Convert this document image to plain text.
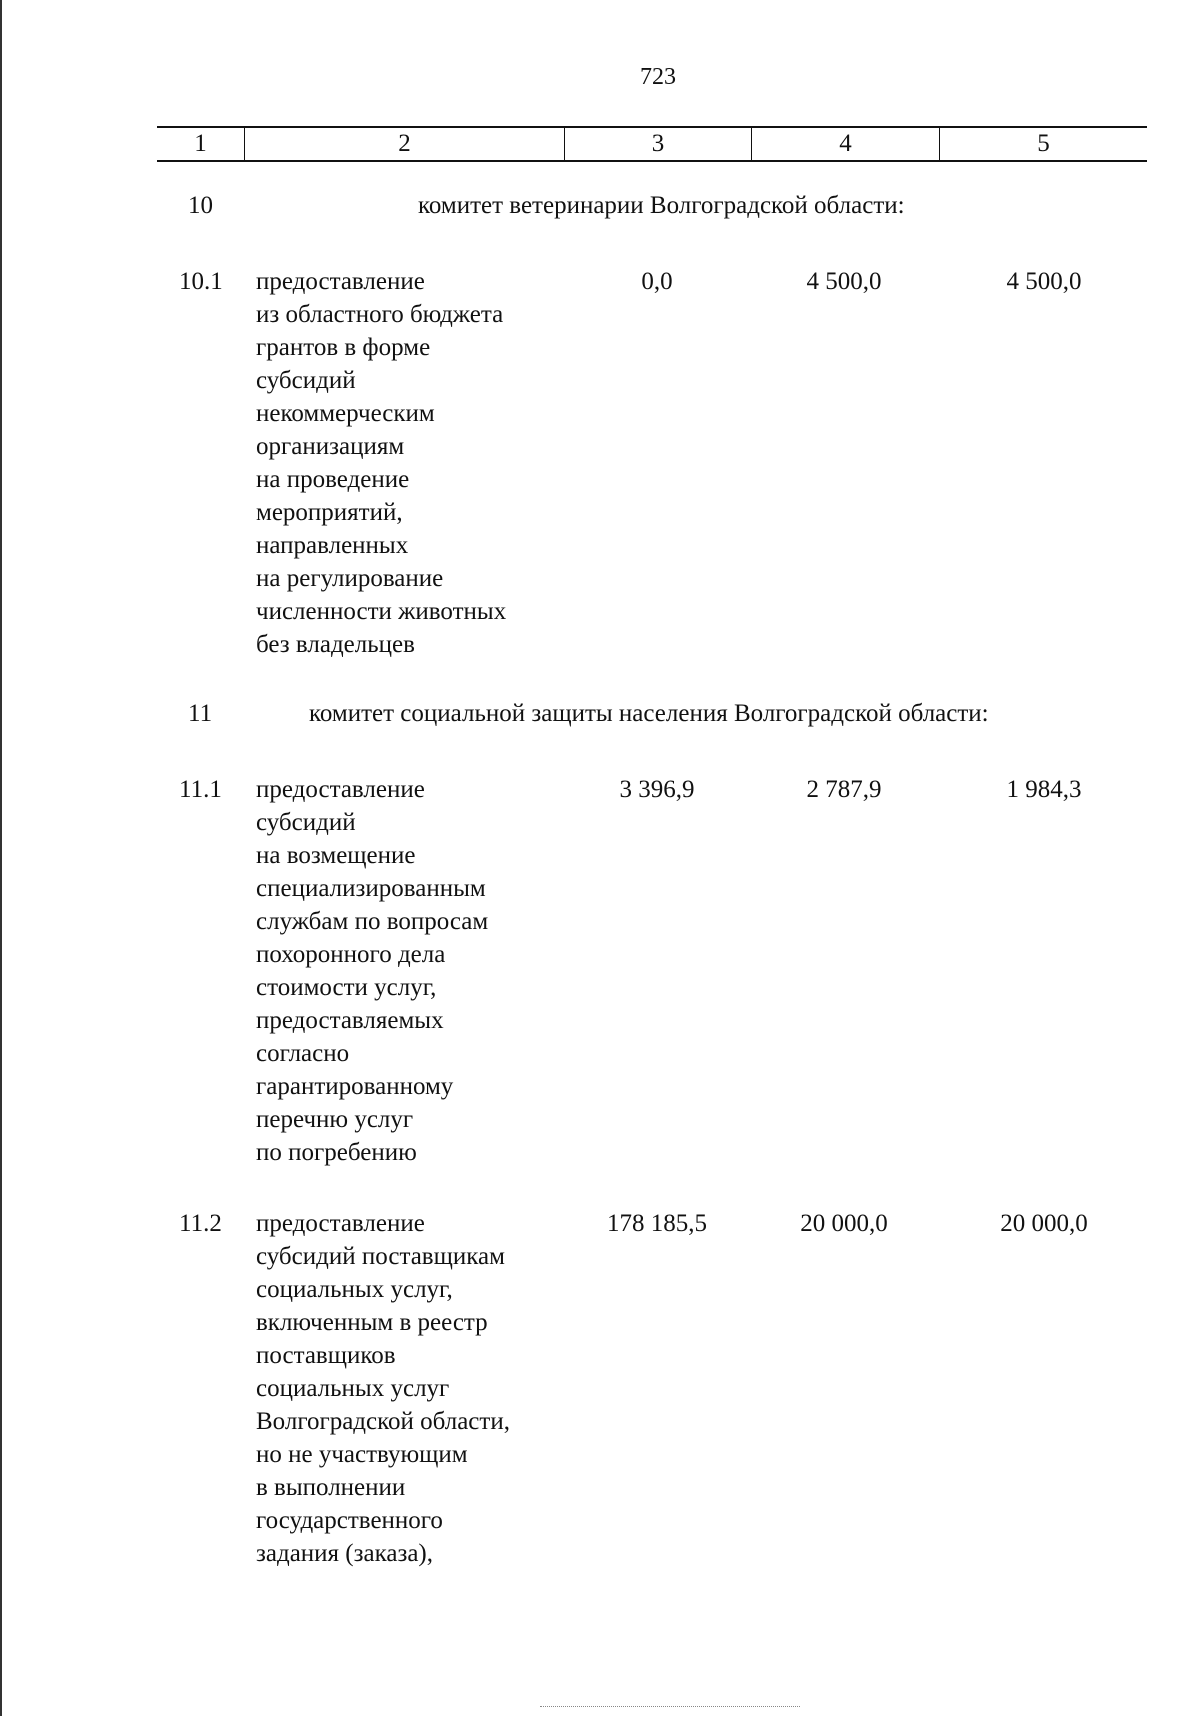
723
1	2	3	4	5
10	комитет ветеринарии Волгоградской области:
10.1 предоставление
из областного бюджета
грантов в форме
субсидий
некоммерческим
организациям
на проведение
мероприятий,
направленных
на регулирование
численности животных
без владельцев
0,0	4 500,0	4 500,0
11	комитет социальной защиты населения Волгоградской области:
11.1 предоставление
субсидий
на возмещение
специализированным
службам по вопросам
похоронного дела
стоимости услуг,
предоставляемых
согласно
гарантированному
перечню услуг
по погребению
3 396,9	2 787,9	1 984,3
11.2 предоставление
субсидий поставщикам
социальных услуг,
включенным в реестр
поставщиков
социальных услуг
Волгоградской области,
но не участвующим
в выполнении
государственного
задания (заказа),
178 185,5	20 000,0	20 000,0
